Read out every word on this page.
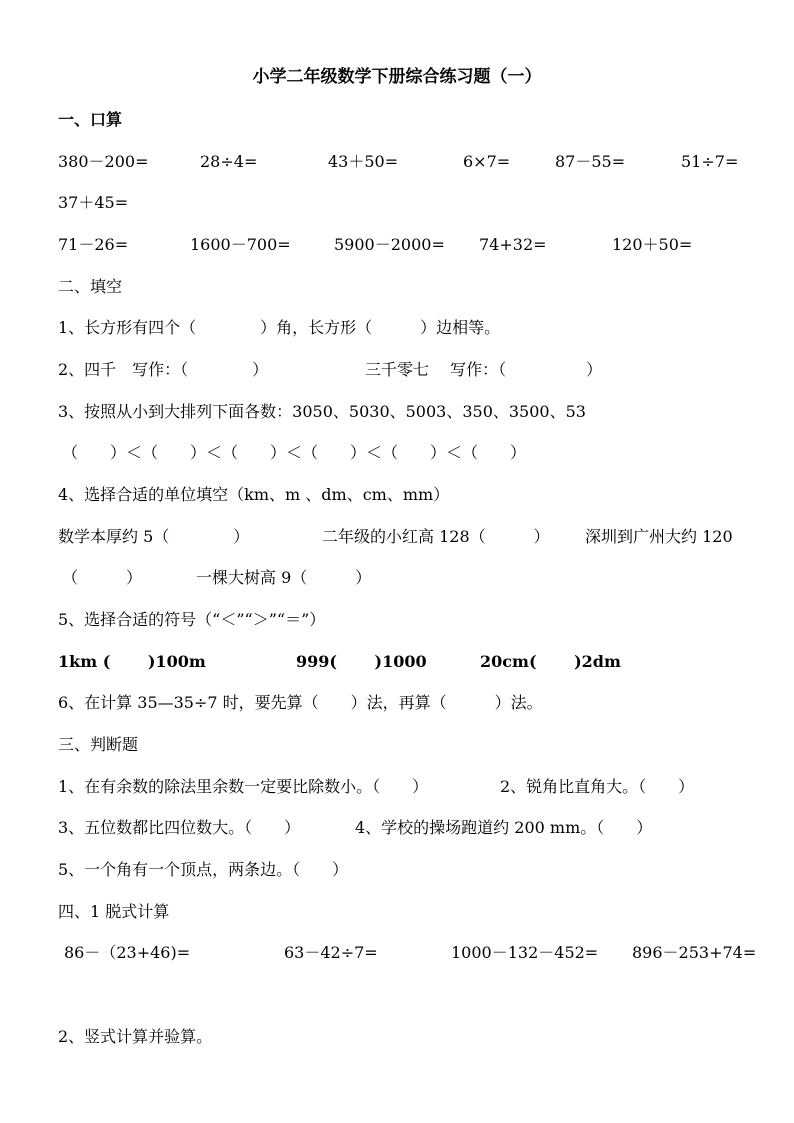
小学二年级数学下册综合练习题（一）
一、口算
380－200=	28÷4=	43＋50=	6×7=	87－55=	51÷7=
37＋45=
71－26=	1600－700=	5900－2000= 74+32=	120＋50=
二、填空
1、长方形有四个（　　　　）角，长方形（　　　）边相等。
2、四千　写作：（　　　　）	三千零七　 写作：（　　　　　）
3、按照从小到大排列下面各数：3050、5030、5003、350、3500、53
（　　）＜（　　）＜（　　）＜（　　）＜（　　）＜（　　）
4、选择合适的单位填空（km、m 、dm、cm、mm）
数学本厚约 5（　　　　）	二年级的小红高 128（　　　） 深圳到广州大约 120
（　　　）	一棵大树高 9（　　　）
5、选择合适的符号（“＜”“＞”“＝”）
1km (　　 )100m	999(　　 )1000	20cm(　　 )2dm
6、在计算 35—35÷7 时，要先算（　　）法，再算（　　　）法。
三、判断题
1、在有余数的除法里余数一定要比除数小。（　　）	2、锐角比直角大。（　　）
3、五位数都比四位数大。（　　）	4、学校的操场跑道约 200 mm。（　　）
5、一个角有一个顶点，两条边。（　　）
四、1 脱式计算
86－（23+46)=	63－42÷7=	1000－132－452= 896－253+74=
2、竖式计算并验算。
